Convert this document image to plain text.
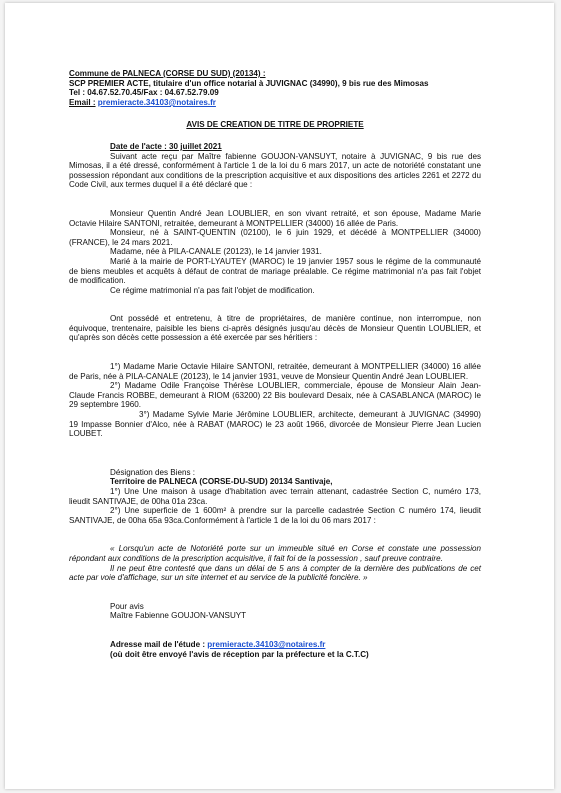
Commune de PALNECA (CORSE DU SUD) (20134) :
SCP PREMIER ACTE, titulaire d'un office notarial à JUVIGNAC (34990), 9 bis rue des Mimosas
Tel : 04.67.52.70.45/Fax : 04.67.52.79.09
Email : premieracte.34103@notaires.fr
AVIS DE CREATION DE TITRE DE PROPRIETE
Date de l'acte : 30 juillet 2021
Suivant acte reçu par Maître fabienne GOUJON-VANSUYT, notaire à JUVIGNAC, 9 bis rue des Mimosas, il a été dressé, conformément à l'article 1 de la loi du 6 mars 2017, un acte de notoriété constatant une possession répondant aux conditions de la prescription acquisitive et aux dispositions des articles 2261 et 2272 du Code Civil, aux termes duquel il a été déclaré que :
Monsieur Quentin André Jean LOUBLIER, en son vivant retraité, et son épouse, Madame Marie Octavie Hilaire SANTONI, retraitée, demeurant à MONTPELLIER (34000) 16 allée de Paris.
Monsieur, né à SAINT-QUENTIN (02100), le 6 juin 1929, et décédé à MONTPELLIER (34000) (FRANCE), le 24 mars 2021.
Madame, née à PILA-CANALE (20123), le 14 janvier 1931.
Marié à la mairie de PORT-LYAUTEY (MAROC) le 19 janvier 1957 sous le régime de la communauté de biens meubles et acquêts à défaut de contrat de mariage préalable. Ce régime matrimonial n'a pas fait l'objet de modification.
Ce régime matrimonial n'a pas fait l'objet de modification.
Ont possédé et entretenu, à titre de propriétaires, de manière continue, non interrompue, non équivoque, trentenaire, paisible les biens ci-après désignés jusqu'au décès de Monsieur Quentin LOUBLIER, et qu'après son décès cette possession a été exercée par ses héritiers :
1°) Madame Marie Octavie Hilaire SANTONI, retraitée, demeurant à MONTPELLIER (34000) 16 allée de Paris, née à PILA-CANALE (20123), le 14 janvier 1931, veuve de Monsieur Quentin André Jean LOUBLIER.
2°) Madame Odile Françoise Thérèse LOUBLIER, commerciale, épouse de Monsieur Alain Jean-Claude Francis ROBBE, demeurant à RIOM (63200) 22 Bis boulevard Desaix, née à CASABLANCA (MAROC) le 29 septembre 1960.
3°) Madame Sylvie Marie Jérômine LOUBLIER, architecte, demeurant à JUVIGNAC (34990) 19 Impasse Bonnier d'Alco, née à RABAT (MAROC) le 23 août 1966, divorcée de Monsieur Pierre Jean Lucien LOUBET.
Désignation des Biens :
Territoire de PALNECA (CORSE-DU-SUD) 20134 Santivaje,
1°) Une Une maison à usage d'habitation avec terrain attenant, cadastrée Section C, numéro 173, lieudit SANTIVAJE, de 00ha 01a 23ca.
2°) Une superficie de 1 600m² à prendre sur la parcelle cadastrée Section C numéro 174, lieudit SANTIVAJE, de 00ha 65a 93ca.Conformément à l'article 1 de la loi du 06 mars 2017 :
« Lorsqu'un acte de Notoriété porte sur un immeuble situé en Corse et constate une possession répondant aux conditions de la prescription acquisitive, il fait foi de la possession , sauf preuve contraire.
Il ne peut être contesté que dans un délai de 5 ans à compter de la dernière des publications de cet acte par voie d'affichage, sur un site internet et au service de la publicité foncière. »
Pour avis
Maître Fabienne GOUJON-VANSUYT
Adresse mail de l'étude : premieracte.34103@notaires.fr
(où doit être envoyé l'avis de réception par la préfecture et la C.T.C)
